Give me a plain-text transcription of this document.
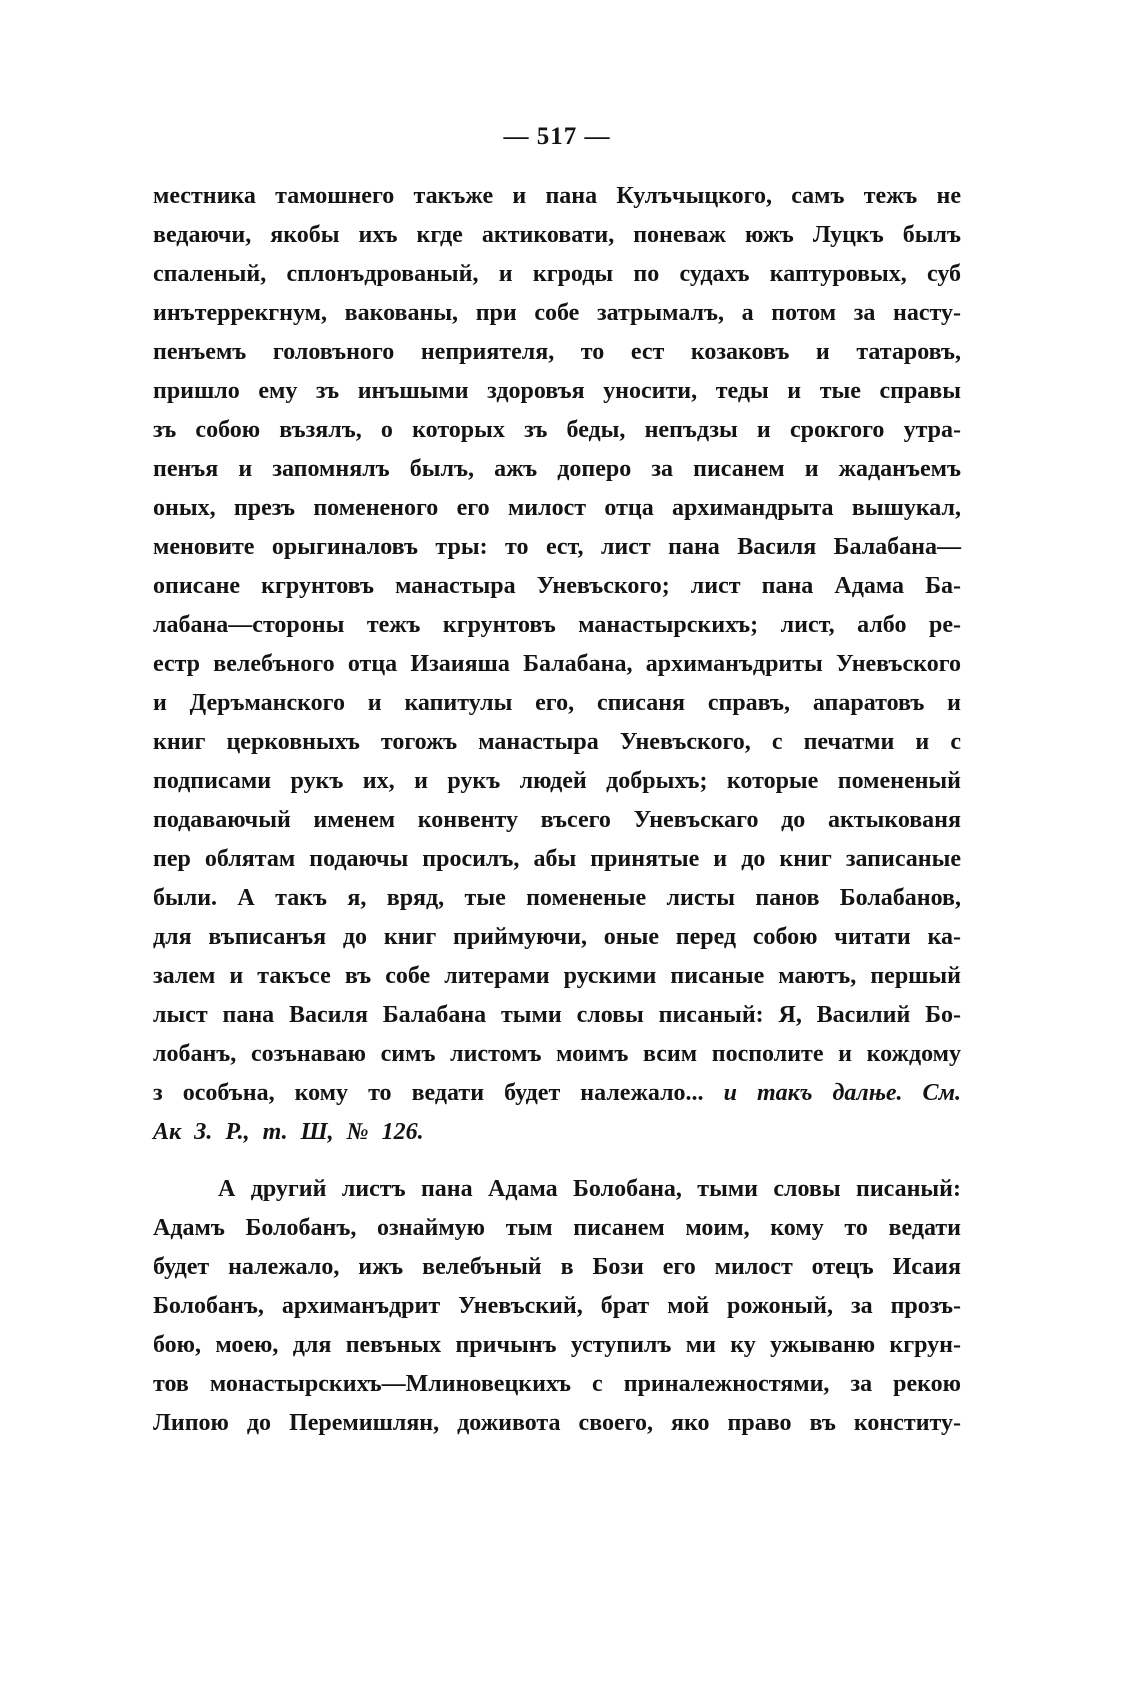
— 517 —
местника тамошнего такъже и пана Кулъчыцкого, самъ тежъ не
ведаючи, якобы ихъ кгде актиковати, поневаж южъ Луцкъ былъ
спаленый, сплонъдрованый, и кгроды по судахъ каптуровых, суб
инътеррекгнум, вакованы, при собе затрымалъ, а потом за насту-
пенъемъ головъного неприятеля, то ест козаковъ и татаровъ,
пришло ему зъ инъшыми здоровъя уносити, теды и тые справы
зъ собою възялъ, о которых зъ беды, непъдзы и срокгого утра-
пенъя и запомнялъ былъ, ажъ доперо за писанем и жаданъемъ
оных, презъ помененого его милост отца архимандрыта вышукал,
меновите орыгиналовъ тры: то ест, лист пана Василя Балабана—
описане кгрунтовъ манастыра Уневъского; лист пана Адама Ба-
лабана—стороны тежъ кгрунтовъ манастырскихъ; лист, албо ре-
естр велебъного отца Изаияша Балабана, архиманъдриты Уневъского
и Деръманского и капитулы его, списаня справъ, апаратовъ и
книг церковныхъ тогожъ манастыра Уневъского, с печатми и с
подписами рукъ их, и рукъ людей добрыхъ; которые помененый
подаваючый именем конвенту въсего Уневъскаго до актыкованя
пер облятам подаючы просилъ, абы принятые и до книг записаные
были. А такъ я, вряд, тые помененые листы панов Болабанов,
для въписанъя до книг приймуючи, оные перед собою читати ка-
залем и такъсе въ собе литерами рускими писаные маютъ, першый
лыст пана Василя Балабана тыми словы писаный: Я, Василий Бо-
лобанъ, созънаваю симъ листомъ моимъ всим посполите и кождому
з особъна, кому то ведати будет належало... и такъ далње. См.
Ак З. Р., т. Ш, № 126.
А другий листъ пана Адама Болобана, тыми словы писаный:
Адамъ Болобанъ, ознаймую тым писанем моим, кому то ведати
будет належало, ижъ велебъный в Бози его милост отецъ Исаия
Болобанъ, архиманъдрит Уневъский, брат мой рожоный, за прозъ-
бою, моею, для певъных причынъ уступилъ ми ку ужываню кгрун-
тов монастырскихъ—Млиновецкихъ с приналежностями, за рекою
Липою до Перемишлян, доживота своего, яко право въ конститу-
